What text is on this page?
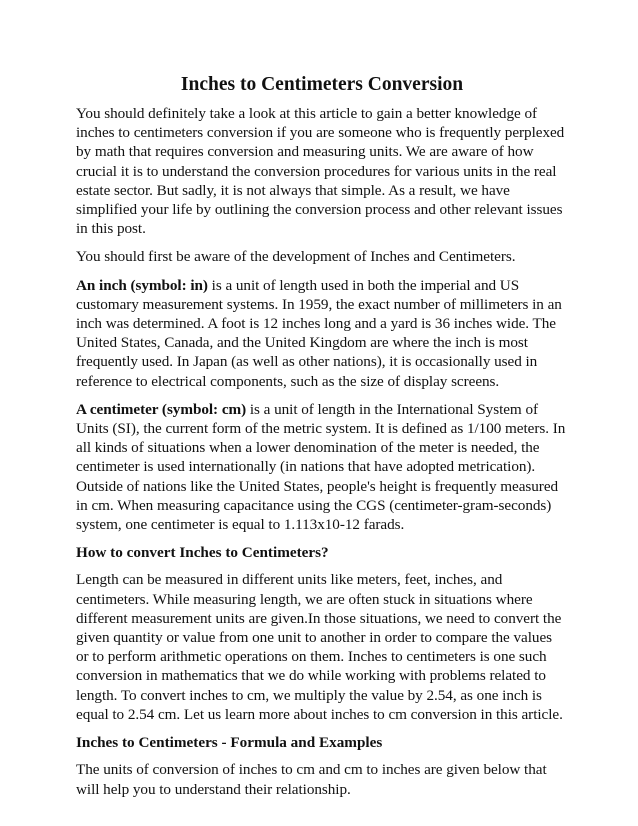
Inches to Centimeters Conversion

You should definitely take a look at this article to gain a better knowledge of inches to centimeters conversion if you are someone who is frequently perplexed by math that requires conversion and measuring units. We are aware of how crucial it is to understand the conversion procedures for various units in the real estate sector. But sadly, it is not always that simple. As a result, we have simplified your life by outlining the conversion process and other relevant issues in this post.

You should first be aware of the development of Inches and Centimeters.

An inch (symbol: in) is a unit of length used in both the imperial and US customary measurement systems. In 1959, the exact number of millimeters in an inch was determined. A foot is 12 inches long and a yard is 36 inches wide. The United States, Canada, and the United Kingdom are where the inch is most frequently used. In Japan (as well as other nations), it is occasionally used in reference to electrical components, such as the size of display screens.

A centimeter (symbol: cm) is a unit of length in the International System of Units (SI), the current form of the metric system. It is defined as 1/100 meters. In all kinds of situations when a lower denomination of the meter is needed, the centimeter is used internationally (in nations that have adopted metrication). Outside of nations like the United States, people's height is frequently measured in cm. When measuring capacitance using the CGS (centimeter-gram-seconds) system, one centimeter is equal to 1.113x10-12 farads.

How to convert Inches to Centimeters?

Length can be measured in different units like meters, feet, inches, and centimeters. While measuring length, we are often stuck in situations where different measurement units are given.In those situations, we need to convert the given quantity or value from one unit to another in order to compare the values or to perform arithmetic operations on them. Inches to centimeters is one such conversion in mathematics that we do while working with problems related to length. To convert inches to cm, we multiply the value by 2.54, as one inch is equal to 2.54 cm. Let us learn more about inches to cm conversion in this article.

Inches to Centimeters - Formula and Examples

The units of conversion of inches to cm and cm to inches are given below that will help you to understand their relationship.
